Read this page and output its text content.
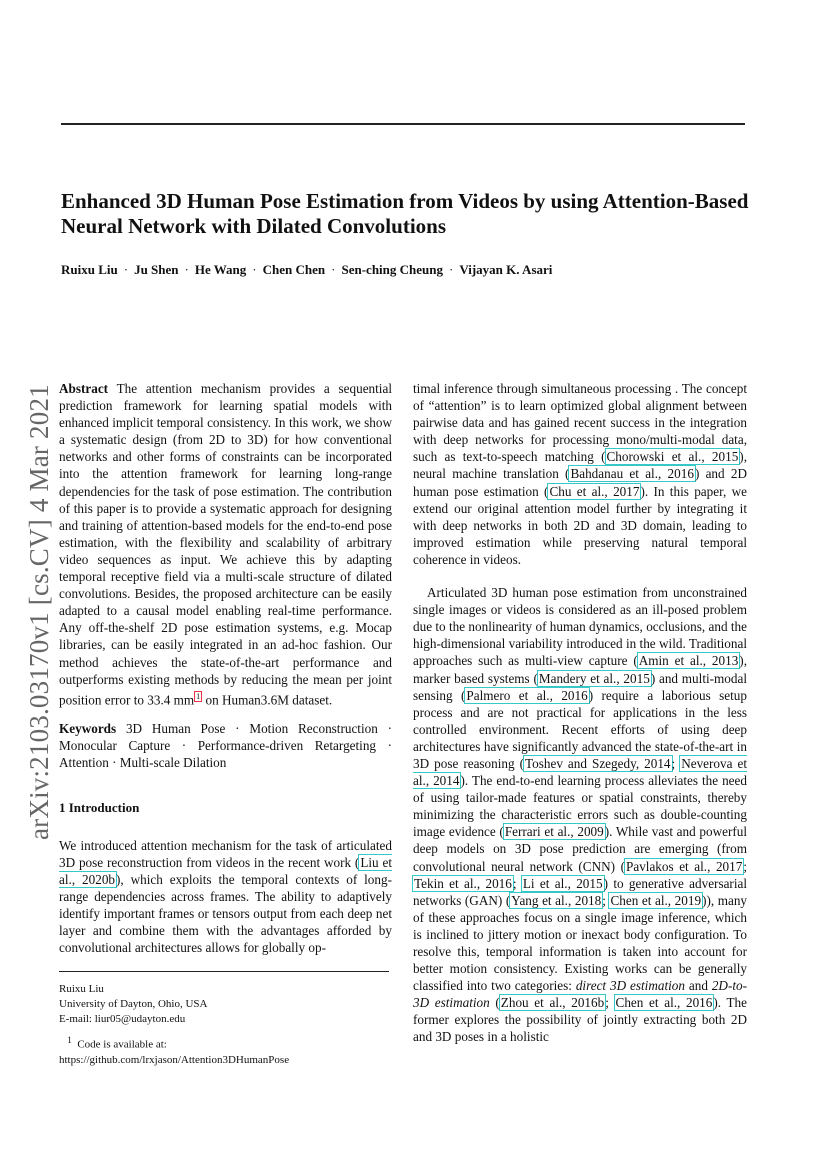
Enhanced 3D Human Pose Estimation from Videos by using Attention-Based Neural Network with Dilated Convolutions
Ruixu Liu · Ju Shen · He Wang · Chen Chen · Sen-ching Cheung · Vijayan K. Asari
arXiv:2103.03170v1 [cs.CV] 4 Mar 2021 Abstract The attention mechanism provides a sequential prediction framework for learning spatial models with enhanced implicit temporal consistency. In this work, we show a systematic design (from 2D to 3D) for how conventional networks and other forms of constraints can be incorporated into the attention framework for learning long-range dependencies for the task of pose estimation. The contribution of this paper is to provide a systematic approach for designing and training of attention-based models for the end-to-end pose estimation, with the flexibility and scalability of arbitrary video sequences as input. We achieve this by adapting temporal receptive field via a multi-scale structure of dilated convolutions. Besides, the proposed architecture can be easily adapted to a causal model enabling real-time performance. Any off-the-shelf 2D pose estimation systems, e.g. Mocap libraries, can be easily integrated in an ad-hoc fashion. Our method achieves the state-of-the-art performance and outperforms existing methods by reducing the mean per joint position error to 33.4 mm $^1$ on Human3.6M dataset.

Keywords 3D Human Pose · Motion Reconstruction · Monocular Capture · Performance-driven Retargeting · Attention · Multi-scale Dilation

1 Introduction

We introduced attention mechanism for the task of articulated 3D pose reconstruction from videos in the recent work (Liu et al., 2020b), which exploits the temporal contexts of long-range dependencies across frames. The ability to adaptively identify important frames or tensors output from each deep net layer and combine them with the advantages afforded by convolutional architectures allows for globally op-

timal inference through simultaneous processing . The concept of “attention” is to learn optimized global alignment between pairwise data and has gained recent success in the integration with deep networks for processing mono/multi-modal data, such as text-to-speech matching (Chorowski et al., 2015), neural machine translation (Bahdanau et al., 2016) and 2D human pose estimation (Chu et al., 2017). In this paper, we extend our original attention model further by integrating it with deep networks in both 2D and 3D domain, leading to improved estimation while preserving natural temporal coherence in videos.

Articulated 3D human pose estimation from unconstrained single images or videos is considered as an ill-posed problem due to the nonlinearity of human dynamics, occlusions, and the high-dimensional variability introduced in the wild. Traditional approaches such as multi-view capture (Amin et al., 2013), marker based systems (Mandery et al., 2015) and multi-modal sensing (Palmero et al., 2016) require a laborious setup process and are not practical for applications in the less controlled environment. Recent efforts of using deep architectures have significantly advanced the state-of-the-art in 3D pose reasoning (Toshev and Szegedy, 2014; Neverova et al., 2014). The end-to-end learning process alleviates the need of using tailor-made features or spatial constraints, thereby minimizing the characteristic errors such as double-counting image evidence (Ferrari et al., 2009). While vast and powerful deep models on 3D pose prediction are emerging (from convolutional neural network (CNN) (Pavlakos et al., 2017; Tekin et al., 2016; Li et al., 2015) to generative adversarial networks (GAN) (Yang et al., 2018; Chen et al., 2019)), many of these approaches focus on a single image inference, which is inclined to jittery motion or inexact body configuration. To resolve this, temporal information is taken into account for better motion consistency. Existing works can be generally classified into two categories: direct 3D estimation and 2D-to-3D estimation (Zhou et al., 2016b; Chen et al., 2016). The former explores the possibility of jointly extracting both 2D and 3D poses in a holistic

Ruixu Liu
University of Dayton, Ohio, USA
E-mail: liur05@udayton.edu
$^1$ Code is available at:
https://github.com/lrxjason/Attention3DHumanPose
